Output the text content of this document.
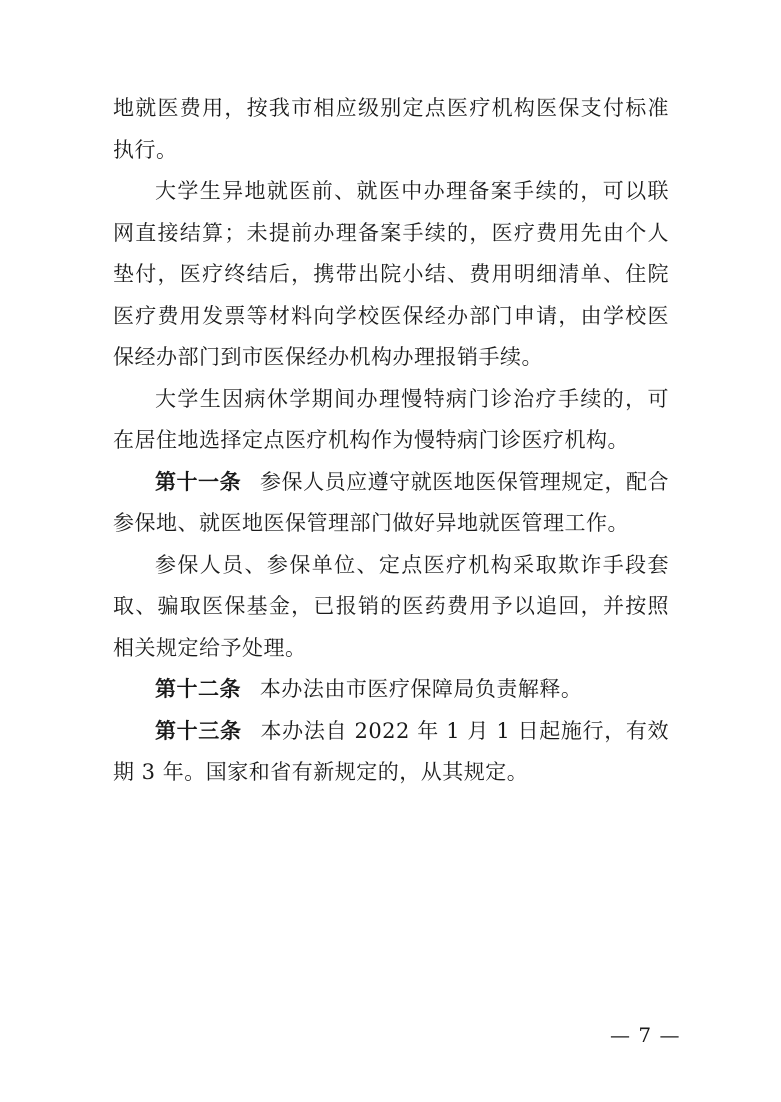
地就医费用，按我市相应级别定点医疗机构医保支付标准执行。

大学生异地就医前、就医中办理备案手续的，可以联网直接结算；未提前办理备案手续的，医疗费用先由个人垫付，医疗终结后，携带出院小结、费用明细清单、住院医疗费用发票等材料向学校医保经办部门申请，由学校医保经办部门到市医保经办机构办理报销手续。

大学生因病休学期间办理慢特病门诊治疗手续的，可在居住地选择定点医疗机构作为慢特病门诊医疗机构。

第十一条 参保人员应遵守就医地医保管理规定，配合参保地、就医地医保管理部门做好异地就医管理工作。

参保人员、参保单位、定点医疗机构采取欺诈手段套取、骗取医保基金，已报销的医药费用予以追回，并按照相关规定给予处理。

第十二条 本办法由市医疗保障局负责解释。

第十三条 本办法自 2022 年 1 月 1 日起施行，有效期 3 年。国家和省有新规定的，从其规定。

— 7 —
